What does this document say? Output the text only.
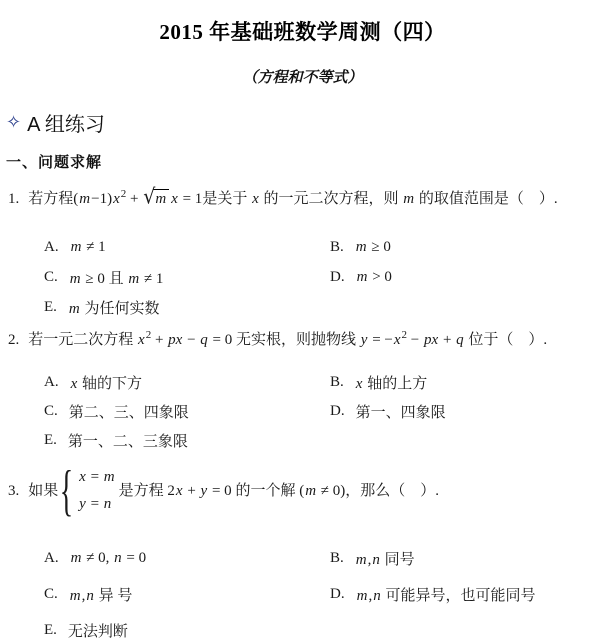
2015 年基础班数学周测（四）
（方程和不等式）
✧ A 组练习
一、问题求解
1. 若方程$(m-1)x^2$ + √ m x = 1是关于 x 的一元二次方程，则 m 的取值范围是（　）.
A. m ≠ 1	B. m ≥ 0
C. m ≥ 0 且 m ≠ 1	D. m > 0
E. m 为任何实数
2. 若一元二次方程 $x^2$ + px − q = 0 无实根，则抛物线 $y = -x^2$ − px + q 位于（　）.
A. x 轴的下方	B. x 轴的上方
C. 第二、三、四象限	D. 第一、四象限
E. 第一、二、三象限
3. 如果 { x = m
y = n
是方程 2 x + y = 0 的一个解 ( m ≠ 0) ，那么（　）.
A. m ≠ 0, n = 0	B. m,n 同号
C. m,n 异 号	D. m,n 可能异号，也可能同号
E. 无法判断
